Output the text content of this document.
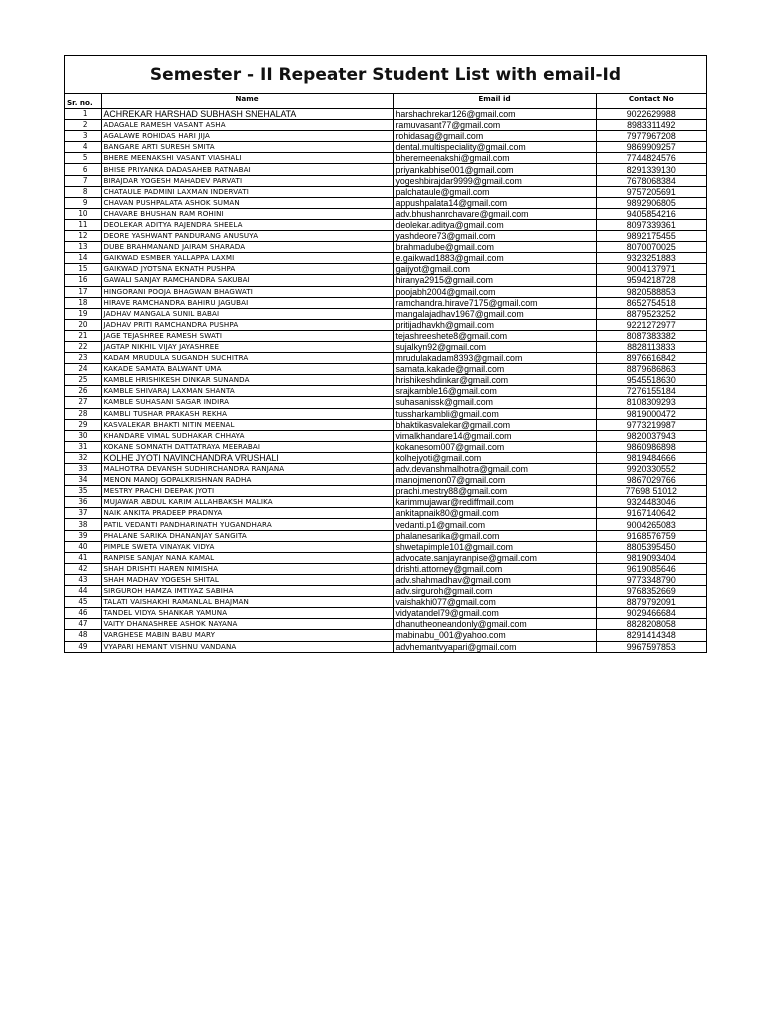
Semester - II Repeater Student List with email-Id
Sr. no.	Name	Email id	Contact No
1	ACHREKAR HARSHAD SUBHASH SNEHALATA	harshachrekar126@gmail.com	9022629988
2	ADAGALE RAMESH VASANT ASHA	ramuvasant77@gmail.com	8983311492
3	AGALAWE ROHIDAS HARI JIJA	rohidasag@gmail.com	7977967208
4	BANGARE ARTI SURESH SMITA	dental.multispeciality@gmail.com	9869909257
5	BHERE MEENAKSHI VASANT VIASHALI	bheremeenakshi@gmail.com	7744824576
6	BHISE PRIYANKA DADASAHEB RATNABAI	priyankabhise001@gmail.com	8291339130
7	BIRAJDAR YOGESH MAHADEV PARVATI	yogeshbirajdar9999@gmail.com	7678068384
8	CHATAULE PADMINI LAXMAN INDERVATI	palchataule@gmail.com	9757205691
9	CHAVAN PUSHPALATA ASHOK SUMAN	appushpalata14@gmail.com	9892906805
10	CHAVARE BHUSHAN RAM ROHINI	adv.bhushanrchavare@gmail.com	9405854216
11	DEOLEKAR ADITYA RAJENDRA SHEELA	deolekar.aditya@gmail.com	8097339361
12	DEORE YASHWANT PANDURANG ANUSUYA	yashdeore73@gmail.com	9892175455
13	DUBE BRAHMANAND JAIRAM SHARADA	brahmadube@gmail.com	8070070025
14	GAIKWAD ESMBER YALLAPPA LAXMI	e.gaikwad1883@gmail.com	9323251883
15	GAIKWAD JYOTSNA EKNATH PUSHPA	gaijyot@gmail.com	9004137971
16	GAWALI SANJAY RAMCHANDRA SAKUBAI	hiranya2915@gmail.com	9594218728
17	HINGORANI POOJA BHAGWAN BHAGWATI	poojabh2004@gmail.com	9820588853
18	HIRAVE RAMCHANDRA BAHIRU JAGUBAI	ramchandra.hirave7175@gmail.com	8652754518
19	JADHAV MANGALA SUNIL BABAI	mangalajadhav1967@gmail.com	8879523252
20	JADHAV PRITI RAMCHANDRA PUSHPA	pritijadhavkh@gmail.com	9221272977
21	JAGE TEJASHREE RAMESH SWATI	tejashreeshete8@gmail.com	8087383382
22	JAGTAP NIKHIL VIJAY JAYASHREE	sujalkyn92@gmail.com	8828113833
23	KADAM MRUDULA SUGANDH SUCHITRA	mrudulakadam8393@gmail.com	8976616842
24	KAKADE SAMATA BALWANT UMA	samata.kakade@gmail.com	8879686863
25	KAMBLE HRISHIKESH DINKAR SUNANDA	hrishikeshdinkar@gmail.com	9545518630
26	KAMBLE SHIVARAJ LAXMAN SHANTA	srajkamble16@gmail.com	7276155184
27	KAMBLE SUHASANI SAGAR INDIRA	suhasanissk@gmail.com	8108309293
28	KAMBLI TUSHAR PRAKASH REKHA	tussharkambli@gmail.com	9819000472
29	KASVALEKAR BHAKTI NITIN MEENAL	bhaktikasvalekar@gmail.com	9773219987
30	KHANDARE VIMAL SUDHAKAR CHHAYA	vimalkhandare14@gmail.com	9820037943
31	KOKANE SOMNATH DATTATRAYA MEERABAI	kokanesom007@gmail.com	9860986898
32	KOLHE JYOTI NAVINCHANDRA VRUSHALI	kolhejyoti@gmail.com	9819484666
33	MALHOTRA DEVANSH SUDHIRCHANDRA RANJANA	adv.devanshmalhotra@gmail.com	9920330552
34	MENON MANOJ GOPALKRISHNAN RADHA	manojmenon07@gmail.com	9867029766
35	MESTRY PRACHI DEEPAK JYOTI	prachi.mestry88@gmail.com	77698 51012
36	MUJAWAR ABDUL KARIM ALLAHBAKSH MALIKA	karimmujawar@rediffmail.com	9324483046
37	NAIK ANKITA PRADEEP PRADNYA	ankitapnaik80@gmail.com	9167140642
38	PATIL VEDANTI PANDHARINATH YUGANDHARA	vedanti.p1@gmail.com	9004265083
39	PHALANE SARIKA DHANANJAY SANGITA	phalanesarika@gmail.com	9168576759
40	PIMPLE SWETA VINAYAK VIDYA	shwetapimple101@gmail.com	8805395450
41	RANPISE SANJAY NANA KAMAL	advocate.sanjayranpise@gmail.com	9819093404
42	SHAH DRISHTI HAREN NIMISHA	drishti.attorney@gmail.com	9619085646
43	SHAH MADHAV YOGESH SHITAL	adv.shahmadhav@gmail.com	9773348790
44	SIRGUROH HAMZA IMTIYAZ SABIHA	adv.sirguroh@gmail.com	9768352669
45	TALATI VAISHAKHI RAMANLAL BHAJMAN	vaishakhi077@gmail.com	8879792091
46	TANDEL VIDYA SHANKAR YAMUNA	vidyatandel79@gmail.com	9029466684
47	VAITY DHANASHREE ASHOK NAYANA	dhanutheoneandonly@gmail.com	8828208058
48	VARGHESE MABIN BABU MARY	mabinabu_001@yahoo.com	8291414348
49	VYAPARI HEMANT VISHNU VANDANA	advhemantvyapari@gmail.com	9967597853
